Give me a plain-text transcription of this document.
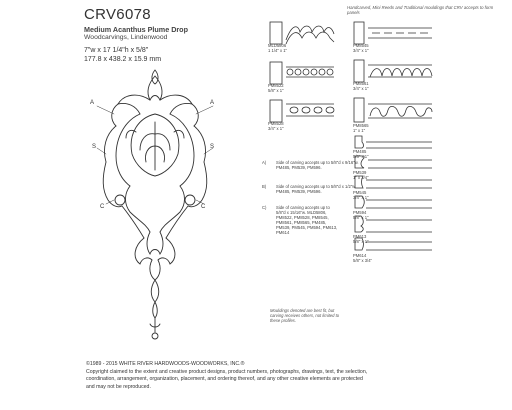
CRV6078
Medium Acanthus Plume Drop
Woodcarvings, Lindenwood
7"w x 17 1/4"h x 5/8"
177.8 x 438.2 x 15.9 mm
Handcarved, Mini Reeds and Traditional mouldings that CRV accepts to form panels
A	A
S	S
C	C
MLD5806
1 1/4" x 1"
PM8522
5/8" x 1"
PM8528
3/4" x 1"
PM8545
3/4" x 1"
PM8561
3/4" x 1"
PM8565
1" x 1"
PM485
5/8" x 1"
PM539
1" x 3/4"
PM545
3/4" x 1"
PM594
5/8" x 1"
PM613
5/8" x 1"
PM614
5/8" x 3/4"
A) Side of carving accepts up to 5/8"d x 9/16"w. PM485, PM539, PM596.
B) Side of carving accepts up to 5/8"d x 1/2"w. PM485, PM539, PM596.
C) Side of carving accepts up to 5/8"d x 15/16"w. MLD5806, PM8522, PM8528, PM8545, PM8561, PM8565, PM485, PM539, PM545, PM594, PM613, PM614
Mouldings denoted are best fit, but carving receives others, not limited to these profiles.
©1989 - 2015 WHITE RIVER HARDWOODS-WOODWORKS, INC.®
Copyright claimed to the extent and creative product designs, product numbers, photographs, drawings, text, the selection,
coordination, arrangement, organization, placement, and ordering thereof, and any other creative elements are protected
and may not be reproduced.
